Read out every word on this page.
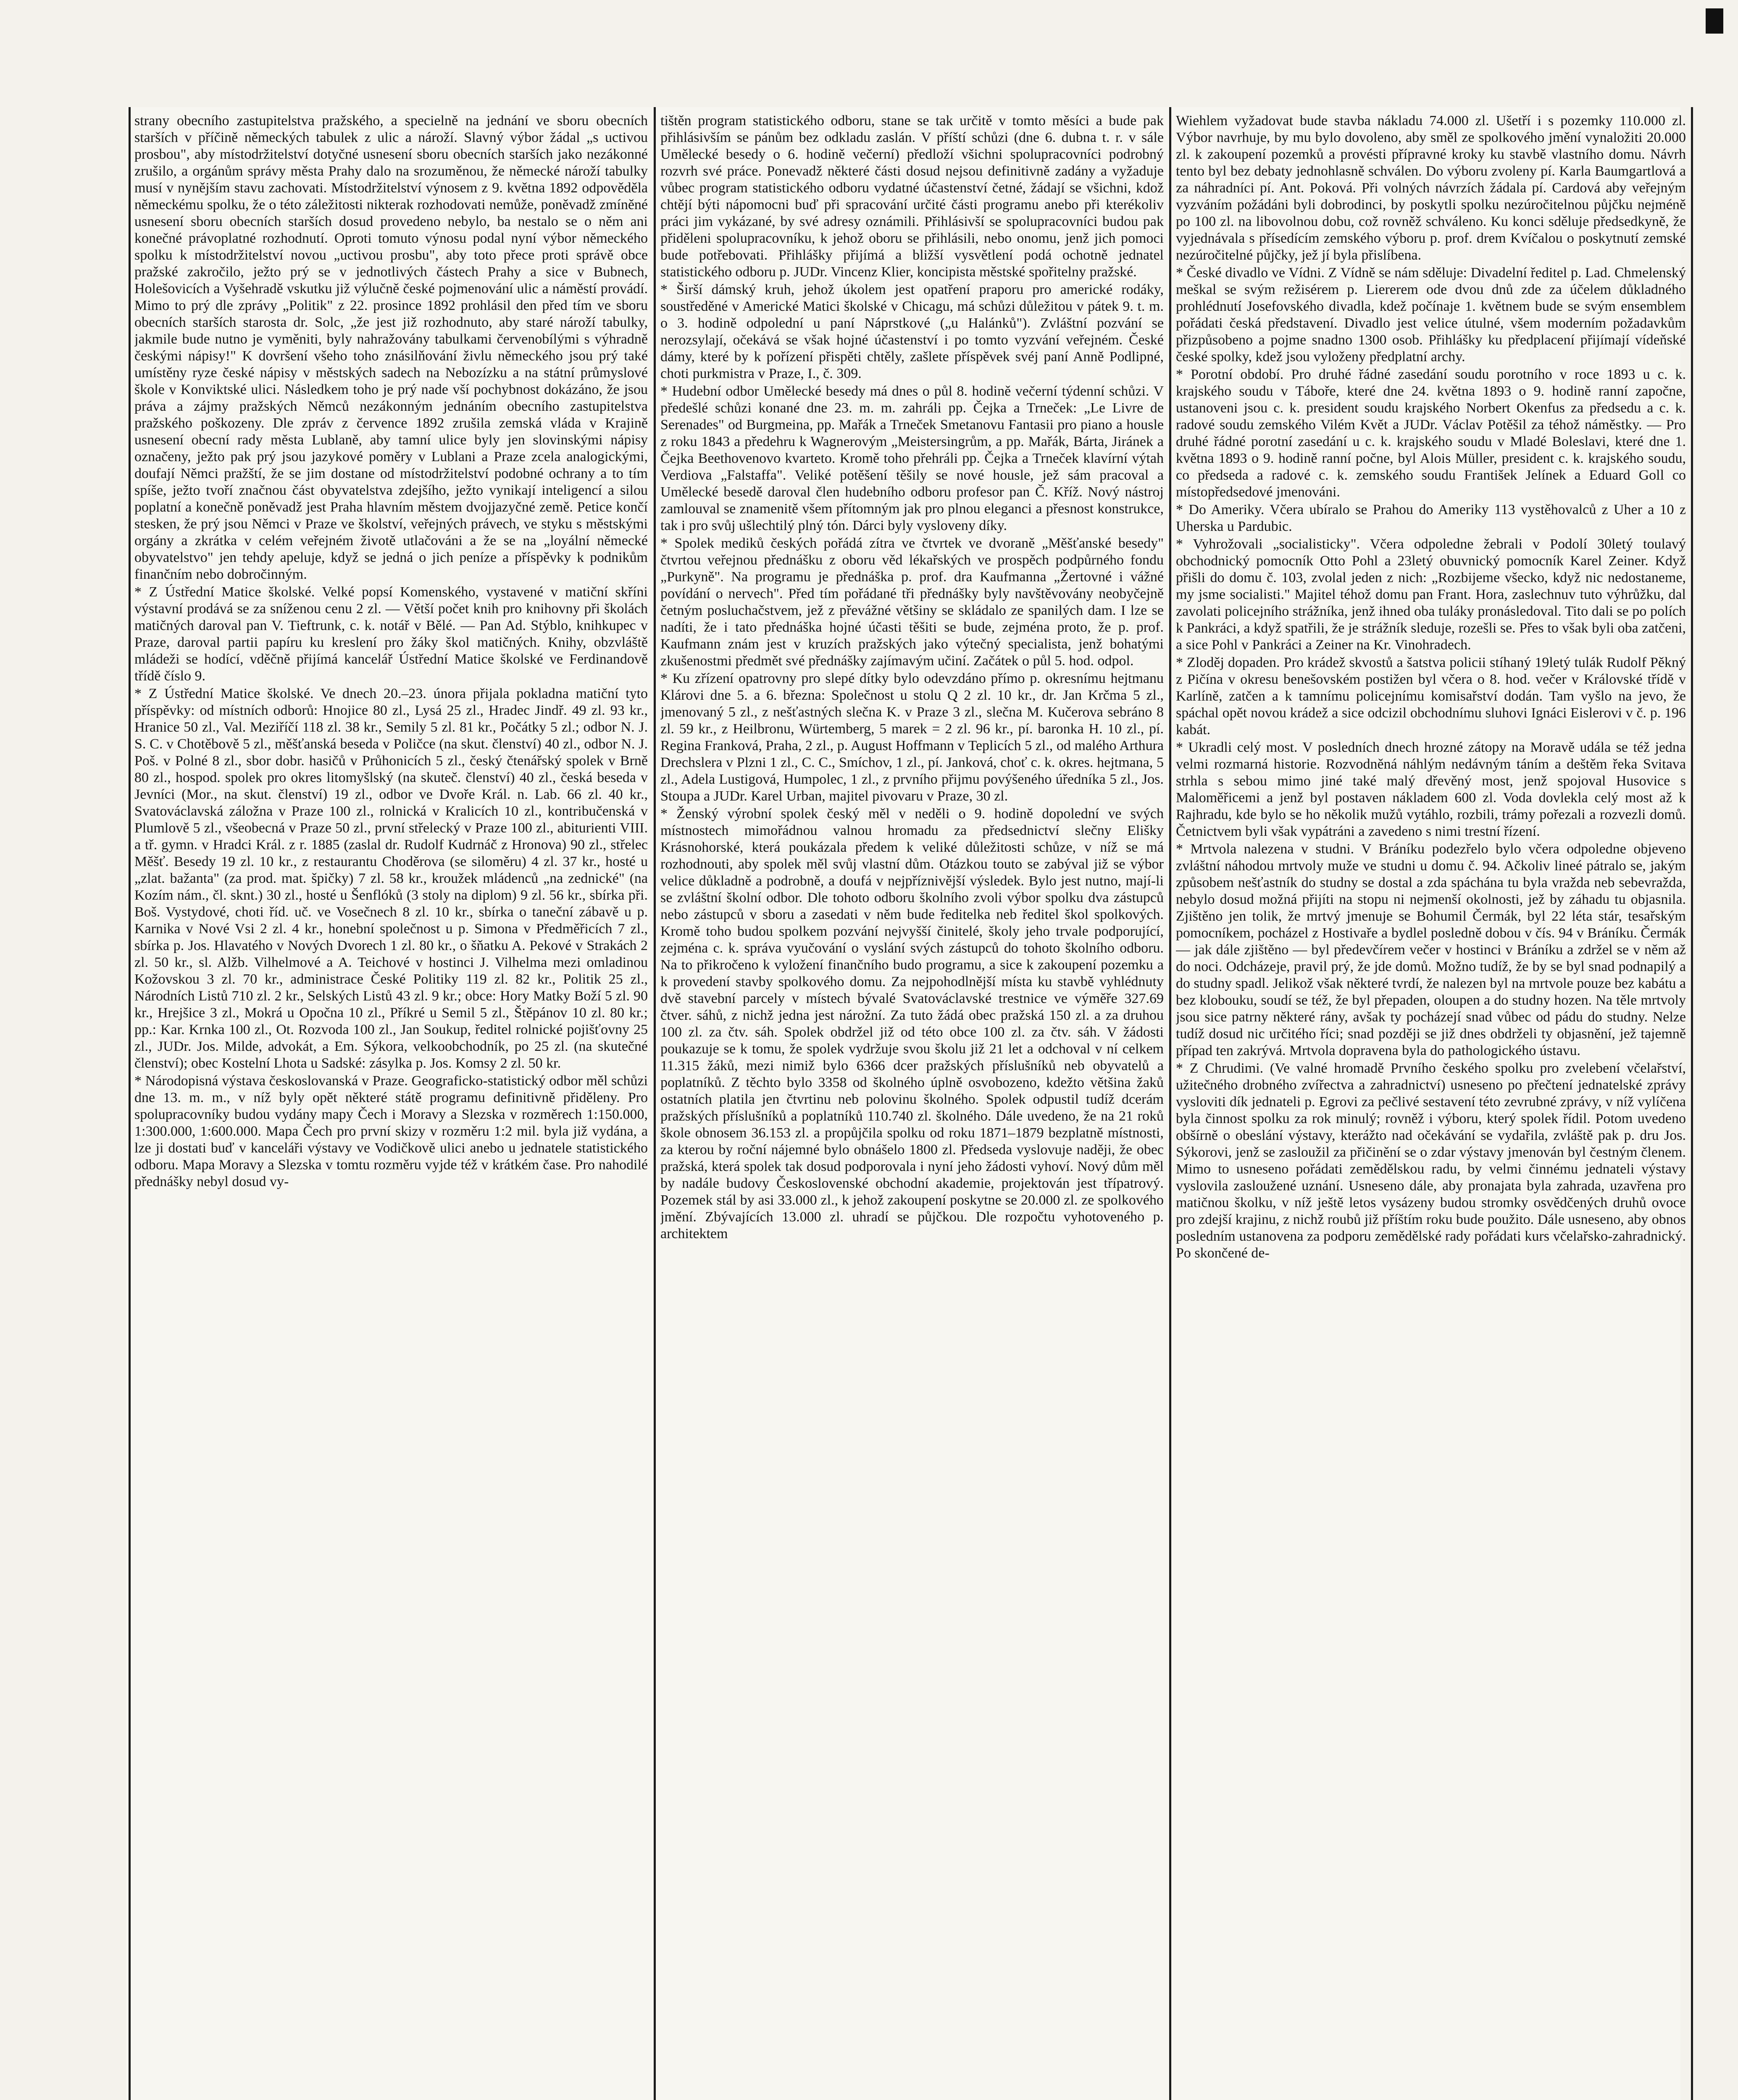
strany obecního zastupitelstva pražského, a specielně na jednání ve sboru obecních starších v příčině německých tabulek z ulic a nároží. Slavný výbor žádal „s uctivou prosbou", aby místodržitelství dotyčné usnesení sboru obecních starších jako nezákonné zrušilo, a orgánům správy města Prahy dalo na srozuměnou, že německé nároží tabulky musí v nynějším stavu zachovati. Místodržitelství výnosem z 9. května 1892 odpověděla německému spolku, že o této záležitosti nikterak rozhodovati nemůže, poněvadž zmíněné usnesení sboru obecních starších dosud provedeno nebylo, ba nestalo se o něm ani konečné právoplatné rozhodnutí. Oproti tomuto výnosu podal nyní výbor německého spolku k místodržitelství novou „uctivou prosbu", aby toto přece proti správě obce pražské zakročilo, ježto prý se v jednotlivých částech Prahy a sice v Bubnech, Holešovicích a Vyšehradě vskutku již výlučně české pojmenování ulic a náměstí provádí. Mimo to prý dle zprávy „Politik" z 22. prosince 1892 prohlásil den před tím ve sboru obecních starších starosta dr. Solc, „že jest již rozhodnuto, aby staré nároží tabulky, jakmile bude nutno je vyměniti, byly nahražovány tabulkami červenobílými s výhradně českými nápisy!" K dovršení všeho toho znásilňování živlu německého jsou prý také umístěny ryze české nápisy v městských sadech na Nebozízku a na státní průmyslové škole v Konviktské ulici. Následkem toho je prý nade vší pochybnost dokázáno, že jsou práva a zájmy pražských Němců nezákonným jednáním obecního zastupitelstva pražského poškozeny. Dle zpráv z července 1892 zrušila zemská vláda v Krajině usnesení obecní rady města Lublaně, aby tamní ulice byly jen slovinskými nápisy označeny, ježto pak prý jsou jazykové poměry v Lublani a Praze zcela analogickými, doufají Němci pražští, že se jim dostane od místodržitelství podobné ochrany a to tím spíše, ježto tvoří značnou část obyvatelstva zdejšího, ježto vynikají inteligencí a silou poplatní a konečně poněvadž jest Praha hlavním městem dvojjazyčné země. Petice končí stesken, že prý jsou Němci v Praze ve školství, veřejných právech, ve styku s městskými orgány a zkrátka v celém veřejném životě utlačováni a že se na „loyální německé obyvatelstvo" jen tehdy apeluje, když se jedná o jich peníze a příspěvky k podnikům finančním nebo dobročinným.

* Z Ústřední Matice školské. Velké popsí Komenského, vystavené v matiční skříni výstavní prodává se za sníženou cenu 2 zl. — Větší počet knih pro knihovny při školách matičných daroval pan V. Tieftrunk, c. k. notář v Bělé. — Pan Ad. Stýblo, knihkupec v Praze, daroval partii papíru ku kreslení pro žáky škol matičných. Knihy, obzvláště mládeži se hodící, vděčně přijímá kancelář Ústřední Matice školské ve Ferdinandově třídě číslo 9.

* Z Ústřední Matice školské. Ve dnech 20.–23. února přijala pokladna matiční tyto příspěvky: od místních odborů: Hnojice 80 zl., Lysá 25 zl., Hradec Jindř. 49 zl. 93 kr., Hranice 50 zl., Val. Meziříčí 118 zl. 38 kr., Semily 5 zl. 81 kr., Počátky 5 zl.; odbor N. J. S. C. v Chotěbově 5 zl., měšťanská beseda v Poličce (na skut. členství) 40 zl., odbor N. J. Poš. v Polné 8 zl., sbor dobr. hasičů v Průhonicích 5 zl., český čtenářský spolek v Brně 80 zl., hospod. spolek pro okres litomyšlský (na skuteč. členství) 40 zl., česká beseda v Jevníci (Mor., na skut. členství) 19 zl., odbor ve Dvoře Král. n. Lab. 66 zl. 40 kr., Svatováclavská záložna v Praze 100 zl., rolnická v Kralicích 10 zl., kontribučenská v Plumlově 5 zl., všeobecná v Praze 50 zl., první střelecký v Praze 100 zl., abiturienti VIII. a tř. gymn. v Hradci Král. z r. 1885 (zaslal dr. Rudolf Kudrnáč z Hronova) 90 zl., střelec Měšť. Besedy 19 zl. 10 kr., z restaurantu Choděrova (se siloměru) 4 zl. 37 kr., hosté u „zlat. bažanta" (za prod. mat. špičky) 7 zl. 58 kr., kroužek mládenců „na zednické" (na Kozím nám., čl. sknt.) 30 zl., hosté u Šenflóků (3 stoly na diplom) 9 zl. 56 kr., sbírka při. Boš. Vystydové, choti říd. uč. ve Vosečnech 8 zl. 10 kr., sbírka o taneční zábavě u p. Karnika v Nové Vsi 2 zl. 4 kr., honební společnost u p. Simona v Předměřicích 7 zl., sbírka p. Jos. Hlavatého v Nových Dvorech 1 zl. 80 kr., o šňatku A. Pekové v Strakách 2 zl. 50 kr., sl. Alžb. Vilhelmové a A. Teichové v hostinci J. Vilhelma mezi omladinou Kožovskou 3 zl. 70 kr., administrace České Politiky 119 zl. 82 kr., Politik 25 zl., Národních Listů 710 zl. 2 kr., Selských Listů 43 zl. 9 kr.; obce: Hory Matky Boží 5 zl. 90 kr., Hrejšice 3 zl., Mokrá u Opočna 10 zl., Příkré u Semil 5 zl., Štěpánov 10 zl. 80 kr.; pp.: Kar. Krnka 100 zl., Ot. Rozvoda 100 zl., Jan Soukup, ředitel rolnické pojišťovny 25 zl., JUDr. Jos. Milde, advokát, a Em. Sýkora, velkoobchodník, po 25 zl. (na skutečné členství); obec Kostelní Lhota u Sadské: zásylka p. Jos. Komsy 2 zl. 50 kr.

* Národopisná výstava českoslovanská v Praze. Geograficko-statistický odbor měl schůzi dne 13. m. m., v níž byly opět některé státě programu definitivně přiděleny. Pro spolupracovníky budou vydány mapy Čech i Moravy a Slezska v rozměrech 1:150.000, 1:300.000, 1:600.000. Mapa Čech pro první skizy v rozměru 1:2 mil. byla již vydána, a lze ji dostati buď v kanceláři výstavy ve Vodičkově ulici anebo u jednatele statistického odboru. Mapa Moravy a Slezska v tomtu rozměru vyjde též v krátkém čase. Pro nahodilé přednášky nebyl dosud vy-

tištěn program statistického odboru, stane se tak určitě v tomto měsíci a bude pak přihlásivším se pánům bez odkladu zaslán. V příští schůzi (dne 6. dubna t. r. v sále Umělecké besedy o 6. hodině večerní) předloží všichni spolupracovníci podrobný rozvrh své práce. Ponevadž některé části dosud nejsou definitivně zadány a vyžaduje vůbec program statistického odboru vydatné účastenství četné, žádají se všichni, kdož chtějí býti nápomocni buď při spracování určité části programu anebo při kterékoliv práci jim vykázané, by své adresy oznámili. Přihlásivší se spolupracovníci budou pak přiděleni spolupracovníku, k jehož oboru se přihlásili, nebo onomu, jenž jich pomoci bude potřebovati. Přihlášky přijímá a bližší vysvětlení podá ochotně jednatel statistického odboru p. JUDr. Vincenz Klier, koncipista městské spořitelny pražské.

* Širší dámský kruh, jehož úkolem jest opatření praporu pro americké rodáky, soustředěné v Americké Matici školské v Chicagu, má schůzi důležitou v pátek 9. t. m. o 3. hodině odpolední u paní Náprstkové („u Halánků"). Zvláštní pozvání se nerozsylají, očekává se však hojné účastenství i po tomto vyzvání veřejném. České dámy, které by k pořízení přispěti chtěly, zašlete příspěvek svéj paní Anně Podlipné, choti purkmistra v Praze, I., č. 309.

* Hudební odbor Umělecké besedy má dnes o půl 8. hodině večerní týdenní schůzi. V předešlé schůzi konané dne 23. m. m. zahráli pp. Čejka a Trneček: „Le Livre de Serenades" od Burgmeina, pp. Mařák a Trneček Smetanovu Fantasii pro piano a housle z roku 1843 a předehru k Wagnerovým „Meistersingrům, a pp. Mařák, Bárta, Jiránek a Čejka Beethovenovo kvarteto. Kromě toho přehráli pp. Čejka a Trneček klavírní výtah Verdiova „Falstaffa". Veliké potěšení těšily se nové housle, jež sám pracoval a Umělecké besedě daroval člen hudebního odboru profesor pan Č. Kříž. Nový nástroj zamlouval se znamenitě všem přítomným jak pro plnou eleganci a přesnost konstrukce, tak i pro svůj ušlechtilý plný tón. Dárci byly vysloveny díky.

* Spolek mediků českých pořádá zítra ve čtvrtek ve dvoraně „Měšťanské besedy" čtvrtou veřejnou přednášku z oboru věd lékařských ve prospěch podpůrného fondu „Purkyně". Na programu je přednáška p. prof. dra Kaufmanna „Žertovné i vážné povídání o nervech". Před tím pořádané tři přednášky byly navštěvovány neobyčejně četným posluchačstvem, jež z převážné většiny se skládalo ze spanilých dam. I lze se nadíti, že i tato přednáška hojné účasti těšiti se bude, zejména proto, že p. prof. Kaufmann znám jest v kruzích pražských jako výtečný specialista, jenž bohatými zkušenostmi předmět své přednášky zajímavým učiní. Začátek o půl 5. hod. odpol.

* Ku zřízení opatrovny pro slepé dítky bylo odevzdáno přímo p. okresnímu hejtmanu Klárovi dne 5. a 6. března: Společnost u stolu Q 2 zl. 10 kr., dr. Jan Krčma 5 zl., jmenovaný 5 zl., z nešťastných slečna K. v Praze 3 zl., slečna M. Kučerova sebráno 8 zl. 59 kr., z Heilbronu, Würtemberg, 5 marek = 2 zl. 96 kr., pí. baronka H. 10 zl., pí. Regina Franková, Praha, 2 zl., p. August Hoffmann v Teplicích 5 zl., od malého Arthura Drechslera v Plzni 1 zl., C. C., Smíchov, 1 zl., pí. Janková, choť c. k. okres. hejtmana, 5 zl., Adela Lustigová, Humpolec, 1 zl., z prvního přijmu povýšeného úředníka 5 zl., Jos. Stoupa a JUDr. Karel Urban, majitel pivovaru v Praze, 30 zl.

* Ženský výrobní spolek český měl v neděli o 9. hodině dopolední ve svých místnostech mimořádnou valnou hromadu za předsednictví slečny Elišky Krásnohorské, která poukázala předem k veliké důležitosti schůze, v níž se má rozhodnouti, aby spolek měl svůj vlastní dům. Otázkou touto se zabýval již se výbor velice důkladně a podrobně, a doufá v nejpříznivější výsledek. Bylo jest nutno, mají-li se zvláštní školní odbor. Dle tohoto odboru školního zvoli výbor spolku dva zástupců nebo zástupců v sboru a zasedati v něm bude ředitelka neb ředitel škol spolkových. Kromě toho budou spolkem pozvání nejvyšší činitelé, školy jeho trvale podporující, zejména c. k. správa vyučování o vyslání svých zástupců do tohoto školního odboru. Na to přikročeno k vyložení finančního budo programu, a sice k zakoupení pozemku a k provedení stavby spolkového domu. Za nejpohodlnější místa ku stavbě vyhlédnuty dvě stavební parcely v místech bývalé Svatováclavské trestnice ve výměře 327.69 čtver. sáhů, z nichž jedna jest nárožní. Za tuto žádá obec pražská 150 zl. a za druhou 100 zl. za čtv. sáh. Spolek obdržel již od této obce 100 zl. za čtv. sáh. V žádosti poukazuje se k tomu, že spolek vydržuje svou školu již 21 let a odchoval v ní celkem 11.315 žáků, mezi nimiž bylo 6366 dcer pražských příslušníků neb obyvatelů a poplatníků. Z těchto bylo 3358 od školného úplně osvobozeno, kdežto většina žaků ostatních platila jen čtvrtinu neb polovinu školného. Spolek odpustil tudíž dcerám pražských příslušníků a poplatníků 110.740 zl. školného. Dále uvedeno, že na 21 roků škole obnosem 36.153 zl. a propůjčila spolku od roku 1871–1879 bezplatně místnosti, za kterou by roční nájemné bylo obnášelo 1800 zl. Předseda vyslovuje naději, že obec pražská, která spolek tak dosud podporovala i nyní jeho žádosti vyhoví. Nový dům měl by nadále budovy Československé obchodní akademie, projektován jest třípatrový. Pozemek stál by asi 33.000 zl., k jehož zakoupení poskytne se 20.000 zl. ze spolkového jmění. Zbývajících 13.000 zl. uhradí se půjčkou. Dle rozpočtu vyhotoveného p. architektem

Wiehlem vyžadovat bude stavba nákladu 74.000 zl. Ušetří i s pozemky 110.000 zl. Výbor navrhuje, by mu bylo dovoleno, aby směl ze spolkového jmění vynaložiti 20.000 zl. k zakoupení pozemků a provésti přípravné kroky ku stavbě vlastního domu. Návrh tento byl bez debaty jednohlasně schválen. Do výboru zvoleny pí. Karla Baumgartlová a za náhradníci pí. Ant. Poková. Při volných návrzích žádala pí. Cardová aby veřejným vyzváním požádáni byli dobrodinci, by poskytli spolku nezúročitelnou půjčku nejméně po 100 zl. na libovolnou dobu, což rovněž schváleno. Ku konci sděluje předsedkyně, že vyjednávala s přísedícím zemského výboru p. prof. drem Kvíčalou o poskytnutí zemské nezúročitelné půjčky, jež jí byla přislíbena.

* České divadlo ve Vídni. Z Vídně se nám sděluje: Divadelní ředitel p. Lad. Chmelenský meškal se svým režisérem p. Liererem ode dvou dnů zde za účelem důkladného prohlédnutí Josefovského divadla, kdež počínaje 1. květnem bude se svým ensemblem pořádati česká představení. Divadlo jest velice útulné, všem moderním požadavkům přizpůsobeno a pojme snadno 1300 osob. Přihlášky ku předplacení přijímají vídeňské české spolky, kdež jsou vyloženy předplatní archy.

* Porotní období. Pro druhé řádné zasedání soudu porotního v roce 1893 u c. k. krajského soudu v Táboře, které dne 24. května 1893 o 9. hodině ranní započne, ustanoveni jsou c. k. president soudu krajského Norbert Okenfus za předsedu a c. k. radové soudu zemského Vilém Květ a JUDr. Václav Potěšil za téhož náměstky. — Pro druhé řádné porotní zasedání u c. k. krajského soudu v Mladé Boleslavi, které dne 1. května 1893 o 9. hodině ranní počne, byl Alois Müller, president c. k. krajského soudu, co předseda a radové c. k. zemského soudu František Jelínek a Eduard Goll co místopředsedové jmenováni.

* Do Ameriky. Včera ubíralo se Prahou do Ameriky 113 vystěhovalců z Uher a 10 z Uherska u Pardubic.

* Vyhrožovali „socialisticky". Včera odpoledne žebrali v Podolí 30letý toulavý obchodnický pomocník Otto Pohl a 23letý obuvnický pomocník Karel Zeiner. Když přišli do domu č. 103, zvolal jeden z nich: „Rozbijeme všecko, když nic nedostaneme, my jsme socialisti." Majitel téhož domu pan Frant. Hora, zaslechnuv tuto výhrůžku, dal zavolati policejního strážníka, jenž ihned oba tuláky pronásledoval. Tito dali se po polích k Pankráci, a když spatřili, že je strážník sleduje, rozešli se. Přes to však byli oba zatčeni, a sice Pohl v Pankráci a Zeiner na Kr. Vinohradech.

* Zloděj dopaden. Pro krádež skvostů a šatstva policii stíhaný 19letý tulák Rudolf Pěkný z Pičína v okresu benešovském postižen byl včera o 8. hod. večer v Královské třídě v Karlíně, zatčen a k tamnímu policejnímu komisařství dodán. Tam vyšlo na jevo, že spáchal opět novou krádež a sice odcizil obchodnímu sluhovi Ignáci Eislerovi v č. p. 196 kabát.

* Ukradli celý most. V posledních dnech hrozné zátopy na Moravě udála se též jedna velmi rozmarná historie. Rozvodněná náhlým nedávným táním a deštěm řeka Svitava strhla s sebou mimo jiné také malý dřevěný most, jenž spojoval Husovice s Maloměřicemi a jenž byl postaven nákladem 600 zl. Voda dovlekla celý most až k Rajhradu, kde bylo se ho několik mužů vytáhlo, rozbili, trámy pořezali a rozvezli domů. Četnictvem byli však vypátráni a zavedeno s nimi trestní řízení.

* Mrtvola nalezena v studni. V Bráníku podezřelo bylo včera odpoledne objeveno zvláštní náhodou mrtvoly muže ve studni u domu č. 94. Ačkoliv lineé pátralo se, jakým způsobem nešťastník do studny se dostal a zda spáchána tu byla vražda neb sebevražda, nebylo dosud možná přijíti na stopu ni nejmenší okolnosti, jež by záhadu tu objasnila. Zjištěno jen tolik, že mrtvý jmenuje se Bohumil Čermák, byl 22 léta stár, tesařským pomocníkem, pocházel z Hostivaře a bydlel posledně dobou v čís. 94 v Bráníku. Čermák — jak dále zjištěno — byl předevčírem večer v hostinci v Bráníku a zdržel se v něm až do noci. Odcházeje, pravil prý, že jde domů. Možno tudíž, že by se byl snad podnapilý a do studny spadl. Jelikož však některé tvrdí, že nalezen byl na mrtvole pouze bez kabátu a bez klobouku, soudí se též, že byl přepaden, oloupen a do studny hozen. Na těle mrtvoly jsou sice patrny některé rány, avšak ty pocházejí snad vůbec od pádu do studny. Nelze tudíž dosud nic určitého říci; snad později se již dnes obdrželi ty objasnění, jež tajemně případ ten zakrývá. Mrtvola dopravena byla do pathologického ústavu.

* Z Chrudimi. (Ve valné hromadě Prvního českého spolku pro zvelebení včelařství, užitečného drobného zvířectva a zahradnictví) usneseno po přečtení jednatelské zprávy vysloviti dík jednateli p. Egrovi za pečlivé sestavení této zevrubné zprávy, v níž vylíčena byla činnost spolku za rok minulý; rovněž i výboru, který spolek řídil. Potom uvedeno obšírně o obeslání výstavy, kterážto nad očekávání se vydařila, zvláště pak p. dru Jos. Sýkorovi, jenž se zasloužil za přičinění se o zdar výstavy jmenován byl čestným členem. Mimo to usneseno pořádati zemědělskou radu, by velmi činnému jednateli výstavy vyslovila zasloužené uznání. Usneseno dále, aby pronajata byla zahrada, uzavřena pro matičnou školku, v níž ještě letos vysázeny budou stromky osvědčených druhů ovoce pro zdejší krajinu, z nichž roubů již příštím roku bude použito. Dále usneseno, aby obnos posledním ustanovena za podporu zemědělské rady pořádati kurs včelařsko-zahradnický. Po skončené de-
